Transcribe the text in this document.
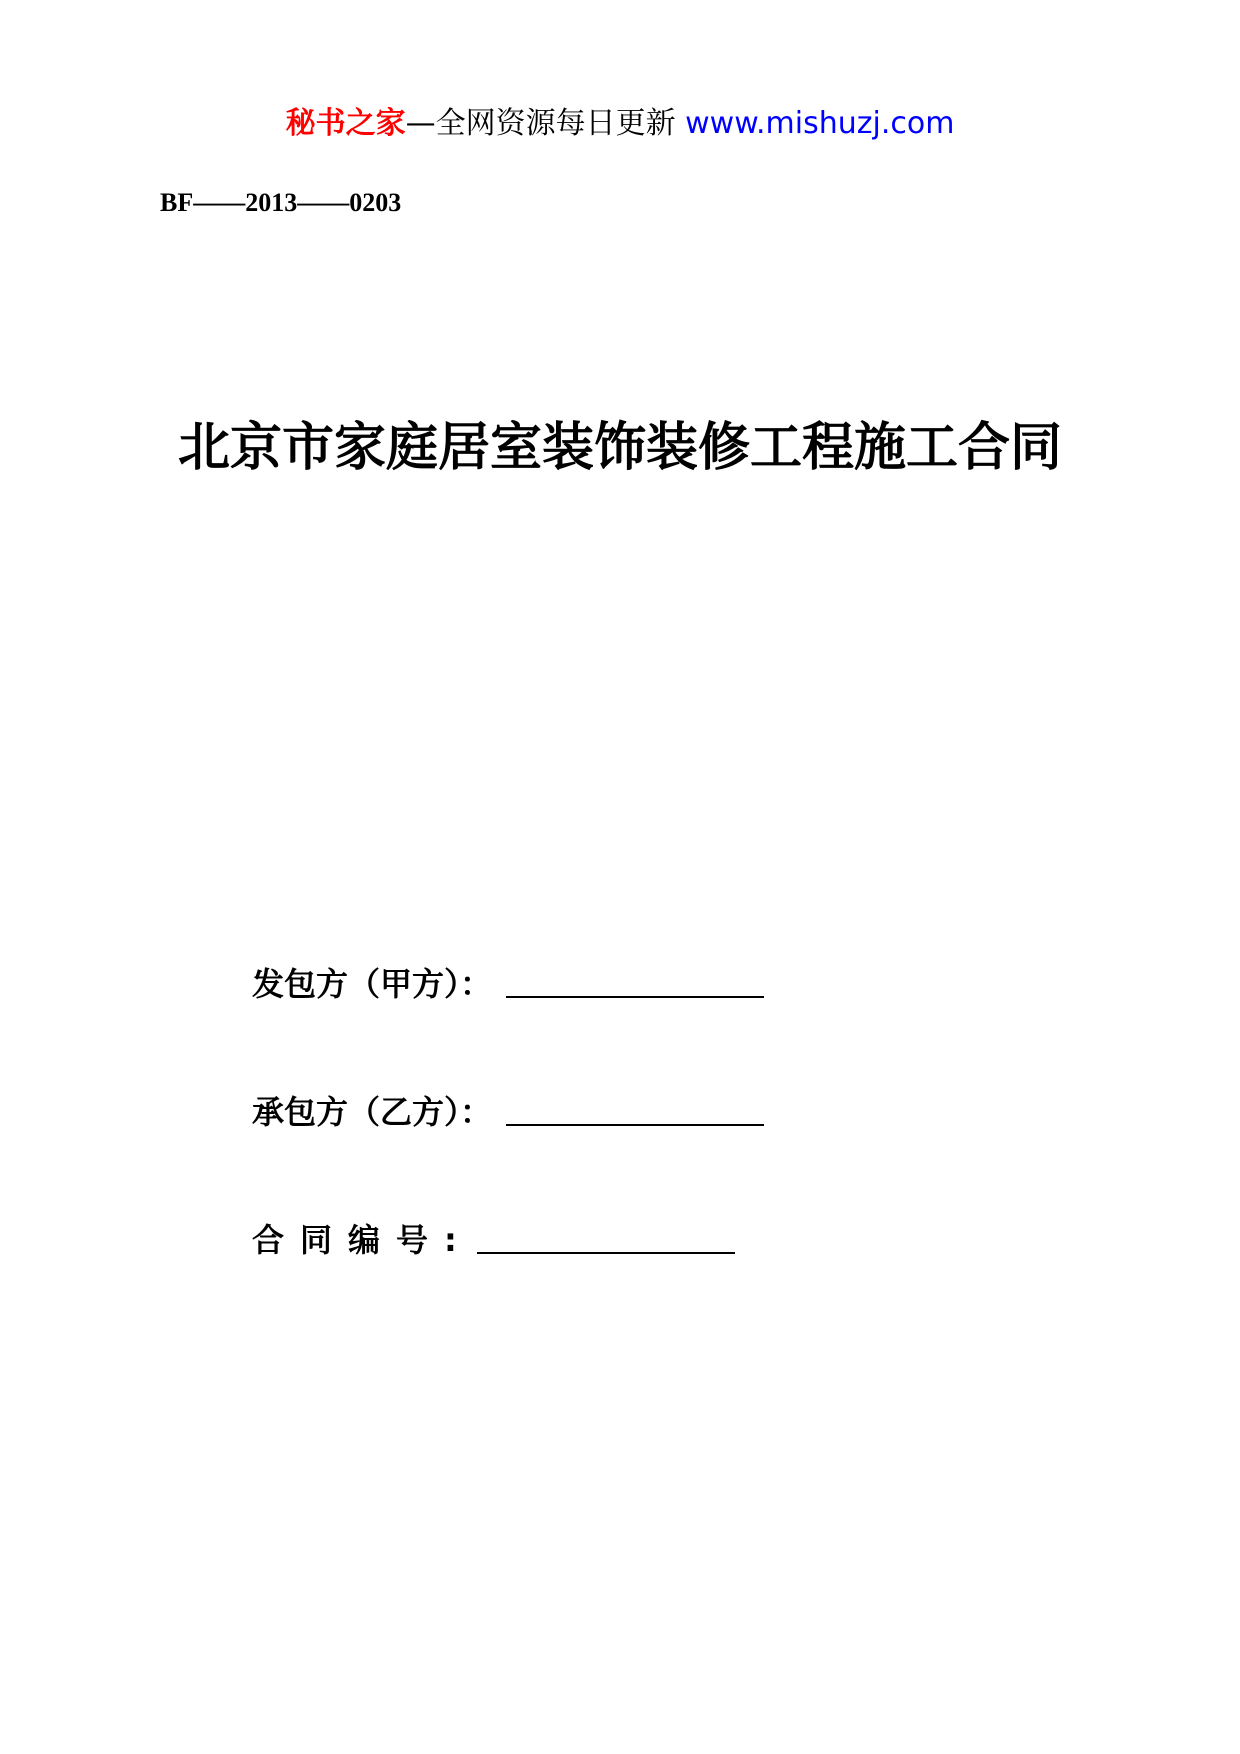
秘书之家—全网资源每日更新 www.mishuzj.com
BF——2013——0203
北京市家庭居室装饰装修工程施工合同
发包方（甲方）：
承包方（乙方）：
合同编号:
